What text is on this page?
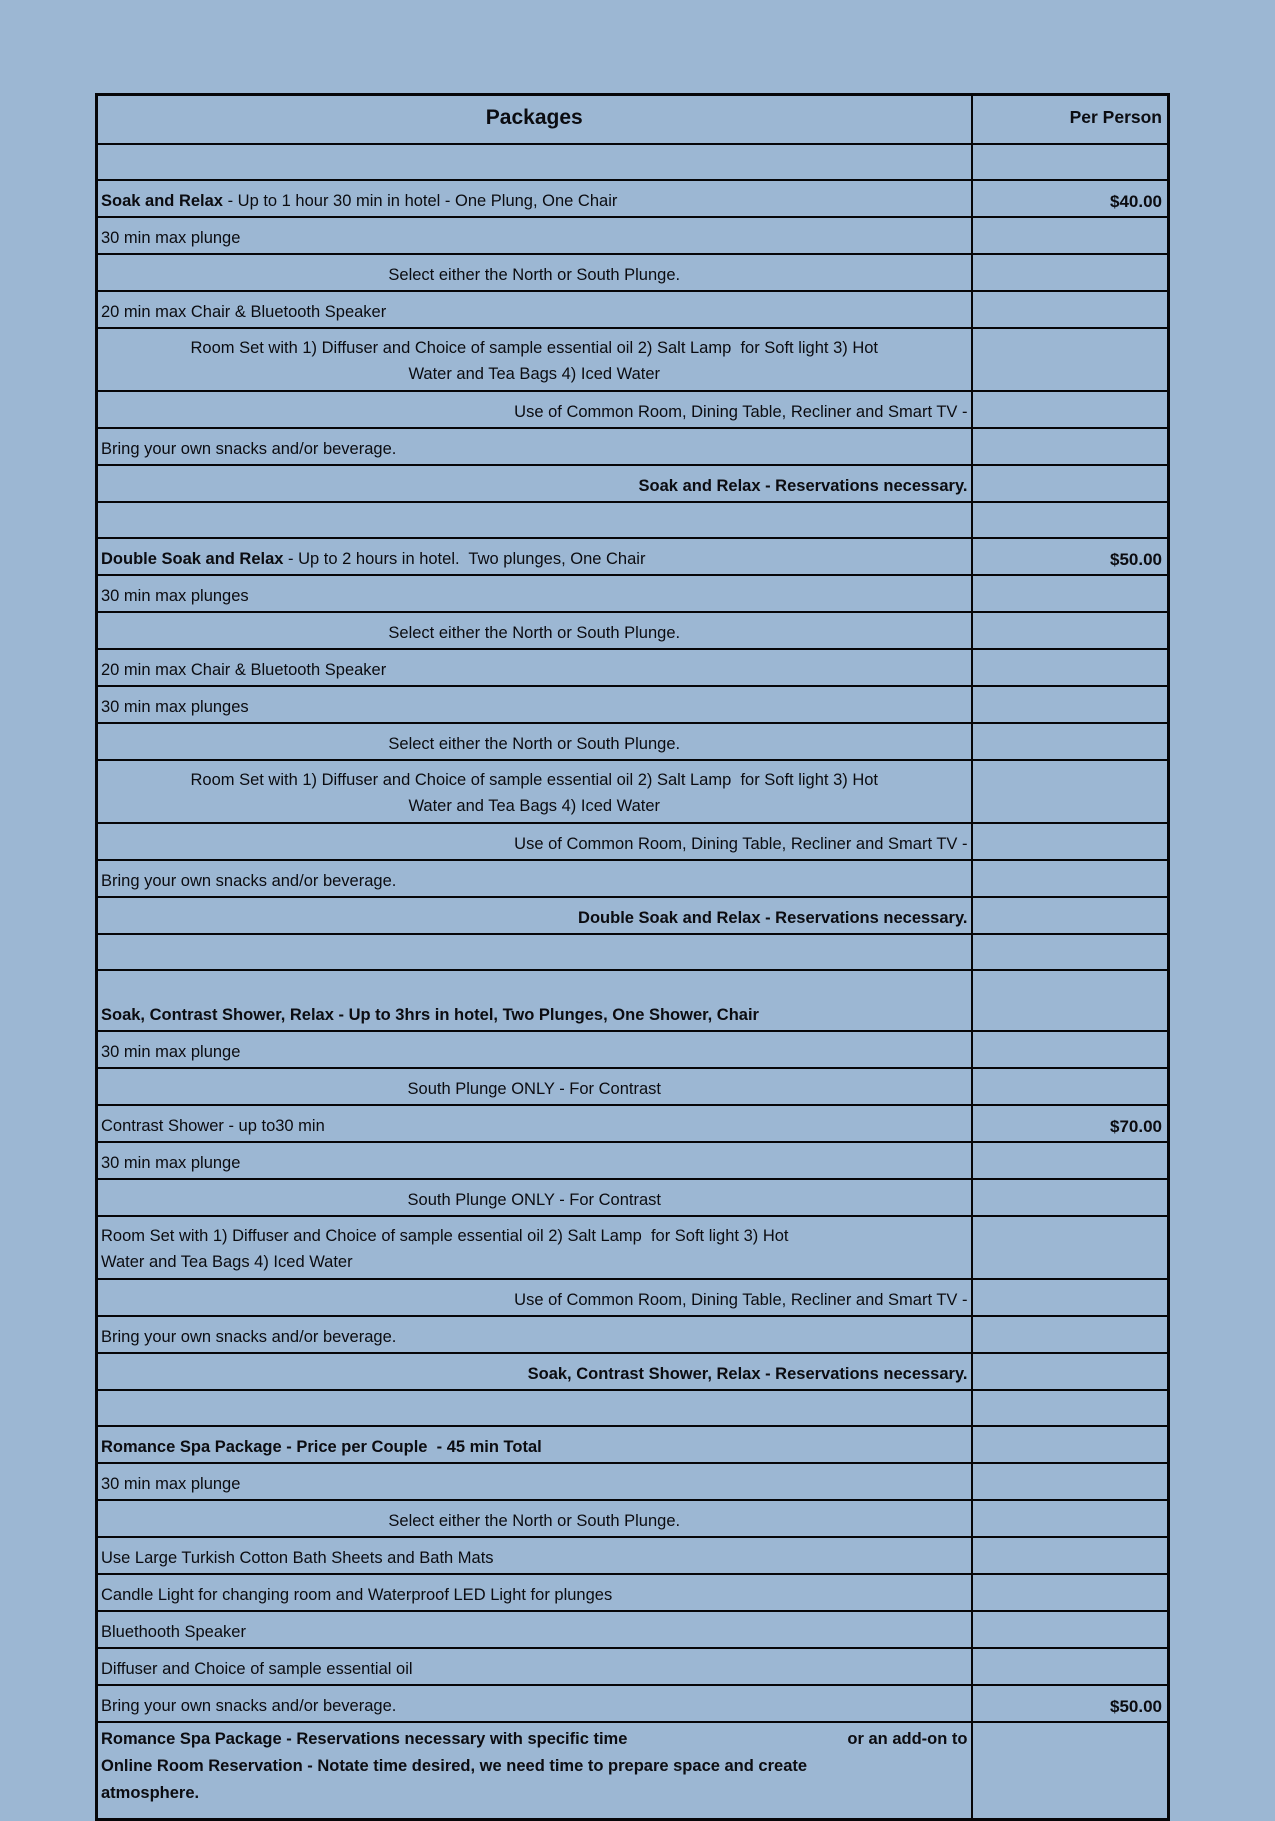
Packages	Per Person

Soak and Relax - Up to 1 hour 30 min in hotel - One Plung, One Chair	$40.00
30 min max plunge	
Select either the North or South Plunge.	
20 min max Chair & Bluetooth Speaker	

Room Set with 1) Diffuser and Choice of sample essential oil 2) Salt Lamp  for Soft light 3) Hot
Water and Tea Bags 4) Iced Water	

Use of Common Room, Dining Table, Recliner and Smart TV -	
Bring your own snacks and/or beverage.	
Soak and Relax - Reservations necessary.	

Double Soak and Relax - Up to 2 hours in hotel.  Two plunges, One Chair	$50.00
30 min max plunges	
Select either the North or South Plunge.	
20 min max Chair & Bluetooth Speaker	
30 min max plunges	
Select either the North or South Plunge.	

Room Set with 1) Diffuser and Choice of sample essential oil 2) Salt Lamp  for Soft light 3) Hot
Water and Tea Bags 4) Iced Water	

Use of Common Room, Dining Table, Recliner and Smart TV -	
Bring your own snacks and/or beverage.	
Double Soak and Relax - Reservations necessary.	

Soak, Contrast Shower, Relax - Up to 3hrs in hotel, Two Plunges, One Shower, Chair	
30 min max plunge	
South Plunge ONLY - For Contrast	
Contrast Shower - up to30 min	$70.00
30 min max plunge	
South Plunge ONLY - For Contrast	

Room Set with 1) Diffuser and Choice of sample essential oil 2) Salt Lamp  for Soft light 3) Hot
Water and Tea Bags 4) Iced Water	

Use of Common Room, Dining Table, Recliner and Smart TV -	
Bring your own snacks and/or beverage.	
Soak, Contrast Shower, Relax - Reservations necessary.	

Romance Spa Package - Price per Couple  - 45 min Total	
30 min max plunge	
Select either the North or South Plunge.	
Use Large Turkish Cotton Bath Sheets and Bath Mats	
Candle Light for changing room and Waterproof LED Light for plunges	
Bluethooth Speaker	
Diffuser and Choice of sample essential oil	
Bring your own snacks and/or beverage.	$50.00

Romance Spa Package - Reservations necessary with specific time or an add-on to
Online Room Reservation - Notate time desired, we need time to prepare space and create
atmosphere.	
